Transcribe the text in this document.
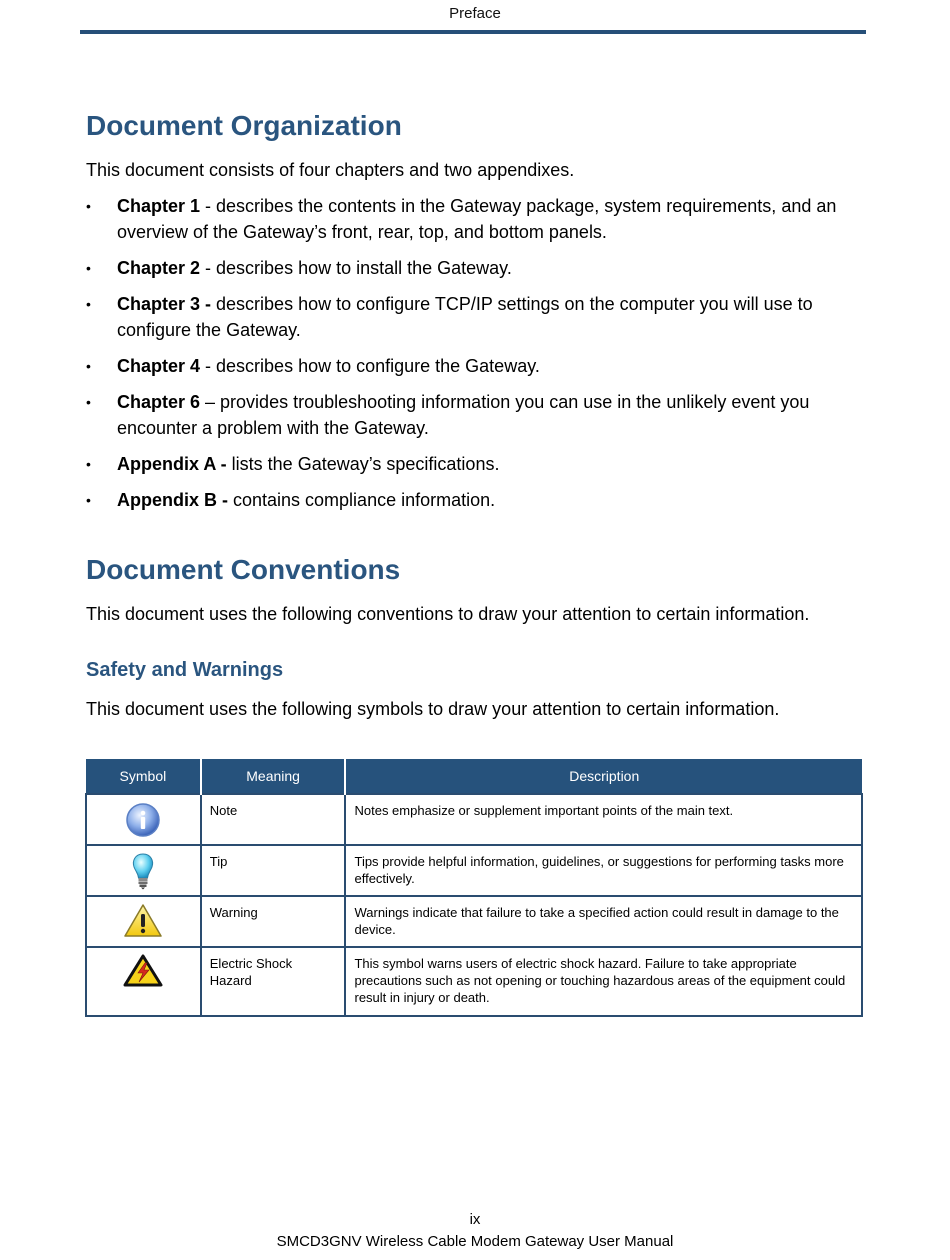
Preface
Document Organization

This document consists of four chapters and two appendixes.

• Chapter 1 - describes the contents in the Gateway package, system requirements, and an overview of the Gateway’s front, rear, top, and bottom panels.
• Chapter 2 - describes how to install the Gateway.
• Chapter 3 - describes how to configure TCP/IP settings on the computer you will use to configure the Gateway.
• Chapter 4 - describes how to configure the Gateway.
• Chapter 6 – provides troubleshooting information you can use in the unlikely event you encounter a problem with the Gateway.
• Appendix A - lists the Gateway’s specifications.
• Appendix B - contains compliance information.
Document Conventions

This document uses the following conventions to draw your attention to certain information.

Safety and Warnings

This document uses the following symbols to draw your attention to certain information.

Symbol	Meaning	Description
	Note	Notes emphasize or supplement important points of the main text.
	Tip	Tips provide helpful information, guidelines, or suggestions for performing tasks more effectively.
	Warning	Warnings indicate that failure to take a specified action could result in damage to the device.
	Electric Shock Hazard	This symbol warns users of electric shock hazard. Failure to take appropriate precautions such as not opening or touching hazardous areas of the equipment could result in injury or death.
ix
SMCD3GNV Wireless Cable Modem Gateway User Manual
